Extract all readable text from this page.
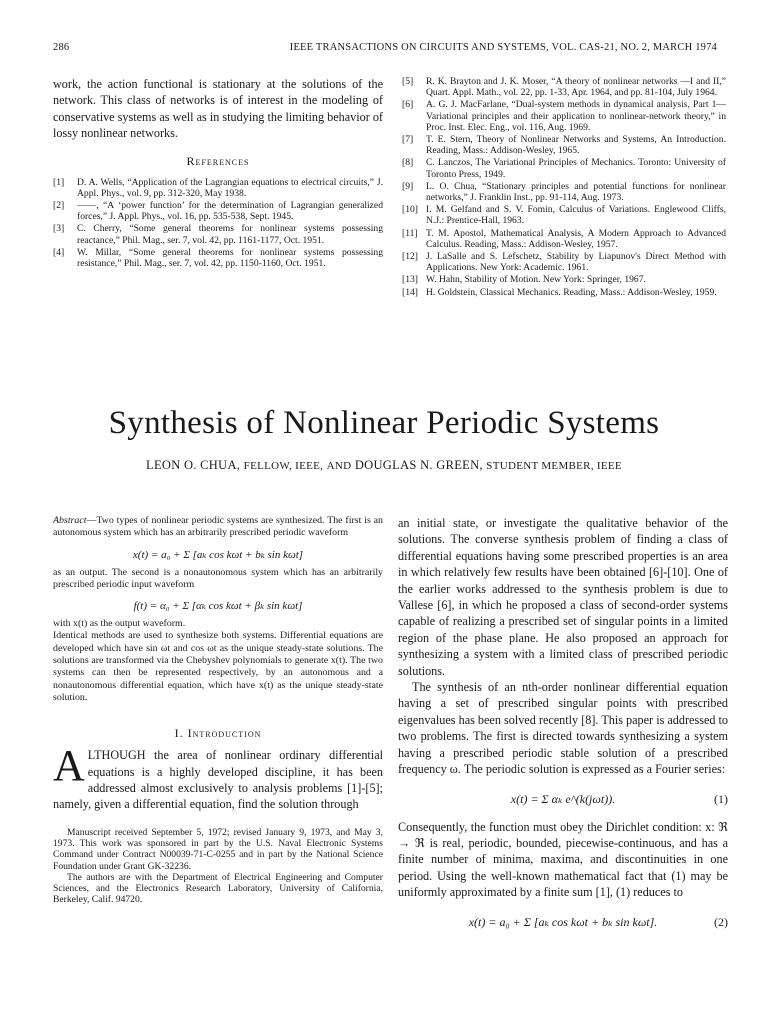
286	IEEE TRANSACTIONS ON CIRCUITS AND SYSTEMS, VOL. CAS-21, NO. 2, MARCH 1974

work, the action functional is stationary at the solutions of the network. This class of networks is of interest in the modeling of conservative systems as well as in studying the limiting behavior of lossy nonlinear networks.

References
[1]	D. A. Wells, “Application of the Lagrangian equations to electrical circuits,” J. Appl. Phys., vol. 9, pp. 312-320, May 1938.
[2]	——, “A ‘power function’ for the determination of Lagrangian generalized forces,” J. Appl. Phys., vol. 16, pp. 535-538, Sept. 1945.
[3]	C. Cherry, “Some general theorems for nonlinear systems possessing reactance,” Phil. Mag., ser. 7, vol. 42, pp. 1161-1177, Oct. 1951.
[4]	W. Millar, “Some general theorems for nonlinear systems possessing resistance,” Phil. Mag., ser. 7, vol. 42, pp. 1150-1160, Oct. 1951.
[5]	R. K. Brayton and J. K. Moser, “A theory of nonlinear networks —I and II,” Quart. Appl. Math., vol. 22, pp. 1-33, Apr. 1964, and pp. 81-104, July 1964.
[6]	A. G. J. MacFarlane, “Dual-system methods in dynamical analysis, Part 1—Variational principles and their application to nonlinear-network theory,” in Proc. Inst. Elec. Eng., vol. 116, Aug. 1969.
[7]	T. E. Stern, Theory of Nonlinear Networks and Systems, An Introduction. Reading, Mass.: Addison-Wesley, 1965.
[8]	C. Lanczos, The Variational Principles of Mechanics. Toronto: University of Toronto Press, 1949.
[9]	L. O. Chua, “Stationary principles and potential functions for nonlinear networks,” J. Franklin Inst., pp. 91-114, Aug. 1973.
[10] I. M. Gelfand and S. V. Fomin, Calculus of Variations. Englewood Cliffs, N.J.: Prentice-Hall, 1963.
[11] T. M. Apostol, Mathematical Analysis, A Modern Approach to Advanced Calculus. Reading, Mass.: Addison-Wesley, 1957.
[12] J. LaSalle and S. Lefschetz, Stability by Liapunov's Direct Method with Applications. New York: Academic. 1961.
[13] W. Hahn, Stability of Motion. New York: Springer, 1967.
[14] H. Goldstein, Classical Mechanics. Reading, Mass.: Addison-Wesley, 1959.
Synthesis of Nonlinear Periodic Systems
LEON O. CHUA, FELLOW, IEEE, AND DOUGLAS N. GREEN, STUDENT MEMBER, IEEE

Abstract—Two types of nonlinear periodic systems are synthesized. The first is an autonomous system which has an arbitrarily prescribed periodic waveform

x(t) = a₀ + Σ [aₖ cos kωt + bₖ sin kωt]

as an output. The second is a nonautonomous system which has an arbitrarily prescribed periodic input waveform

f(t) = α₀ + Σ [αₖ cos kωt + βₖ sin kωt]

with x(t) as the output waveform.

Identical methods are used to synthesize both systems. Differential equations are developed which have sin ωt and cos ωt as the unique steady-state solutions. The solutions are transformed via the Chebyshev polynomials to generate x(t). The two systems can then be represented respectively, by an autonomous and a nonautonomous differential equation, which have x(t) as the unique steady-state solution.

I. Introduction

ALTHOUGH the area of nonlinear ordinary differential equations is a highly developed discipline, it has been addressed almost exclusively to analysis problems [1]-[5]; namely, given a differential equation, find the solution through

Manuscript received September 5, 1972; revised January 9, 1973, and May 3, 1973. This work was sponsored in part by the U.S. Naval Electronic Systems Command under Contract N00039-71-C-0255 and in part by the National Science Foundation under Grant GK-32236.

The authors are with the Department of Electrical Engineering and Computer Sciences, and the Electronics Research Laboratory, University of California, Berkeley, Calif. 94720.

an initial state, or investigate the qualitative behavior of the solutions. The converse synthesis problem of finding a class of differential equations having some prescribed properties is an area in which relatively few results have been obtained [6]-[10]. One of the earlier works addressed to the synthesis problem is due to Vallese [6], in which he proposed a class of second-order systems capable of realizing a prescribed set of singular points in a limited region of the phase plane. He also proposed an approach for synthesizing a system with a limited class of prescribed periodic solutions.

The synthesis of an nth-order nonlinear differential equation having a set of prescribed singular points with prescribed eigenvalues has been solved recently [8]. This paper is addressed to two problems. The first is directed towards synthesizing a system having a prescribed periodic stable solution of a prescribed frequency ω. The periodic solution is expressed as a Fourier series:

x(t) = Σ αₖ e^(k(jωt)).	(1)

Consequently, the function must obey the Dirichlet condition: x: ℜ → ℜ is real, periodic, bounded, piecewise-continuous, and has a finite number of minima, maxima, and discontinuities in one period. Using the well-known mathematical fact that (1) may be uniformly approximated by a finite sum [1], (1) reduces to

x(t) = a₀ + Σ [aₖ cos kωt + bₖ sin kωt].	(2)
